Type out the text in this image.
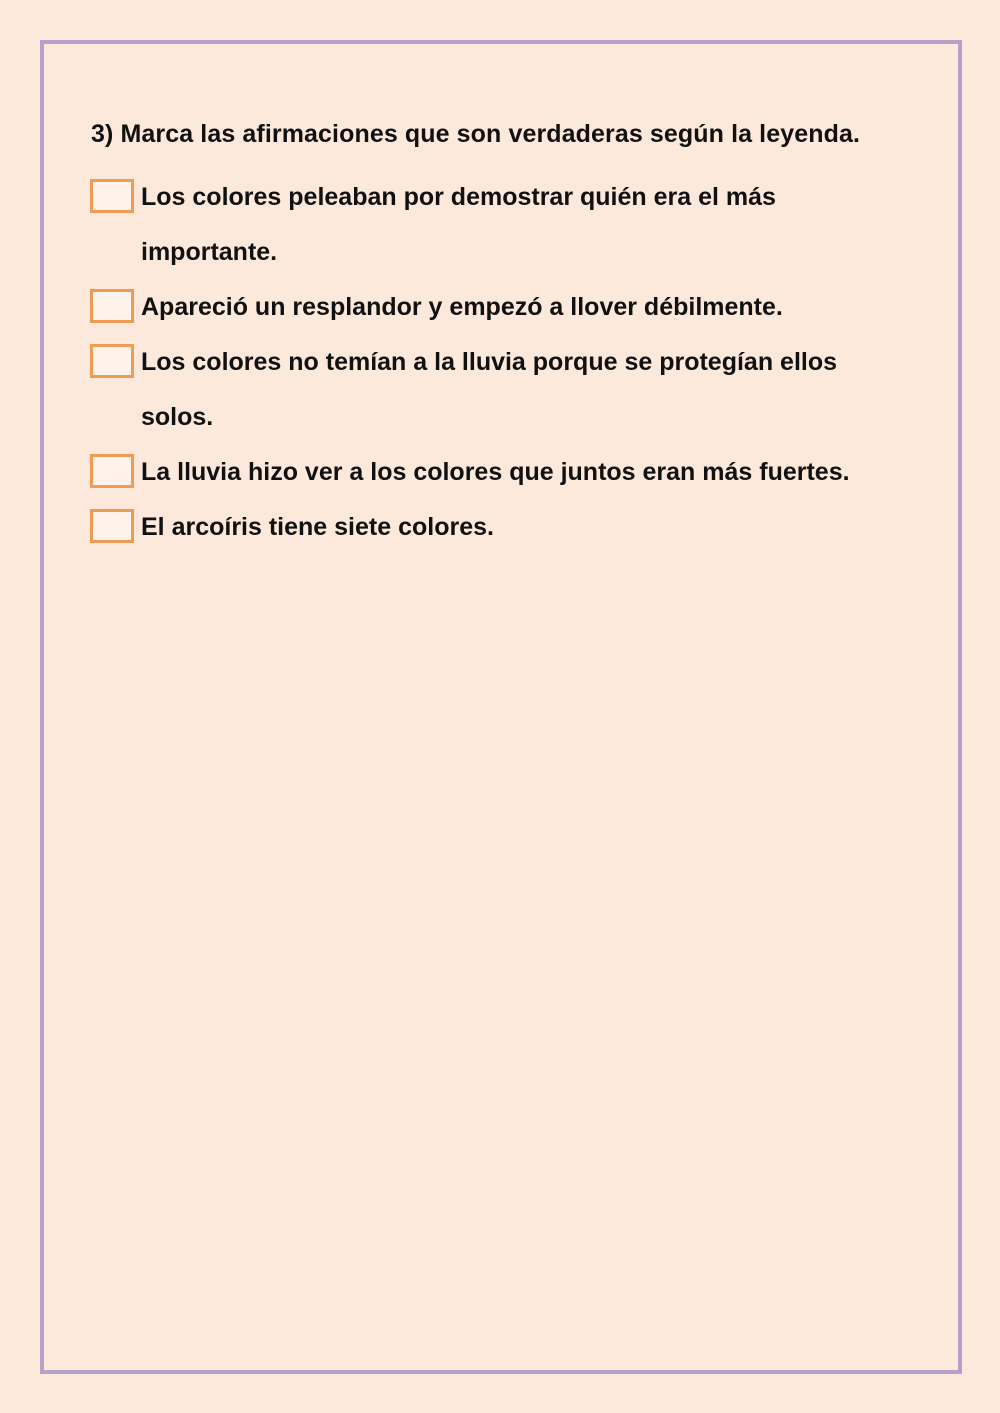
3) Marca las afirmaciones que son verdaderas según la leyenda.

Los colores peleaban por demostrar quién era el más importante.
Apareció un resplandor y empezó a llover débilmente.
Los colores no temían a la lluvia porque se protegían ellos solos.
La lluvia hizo ver a los colores que juntos eran más fuertes.
El arcoíris tiene siete colores.
